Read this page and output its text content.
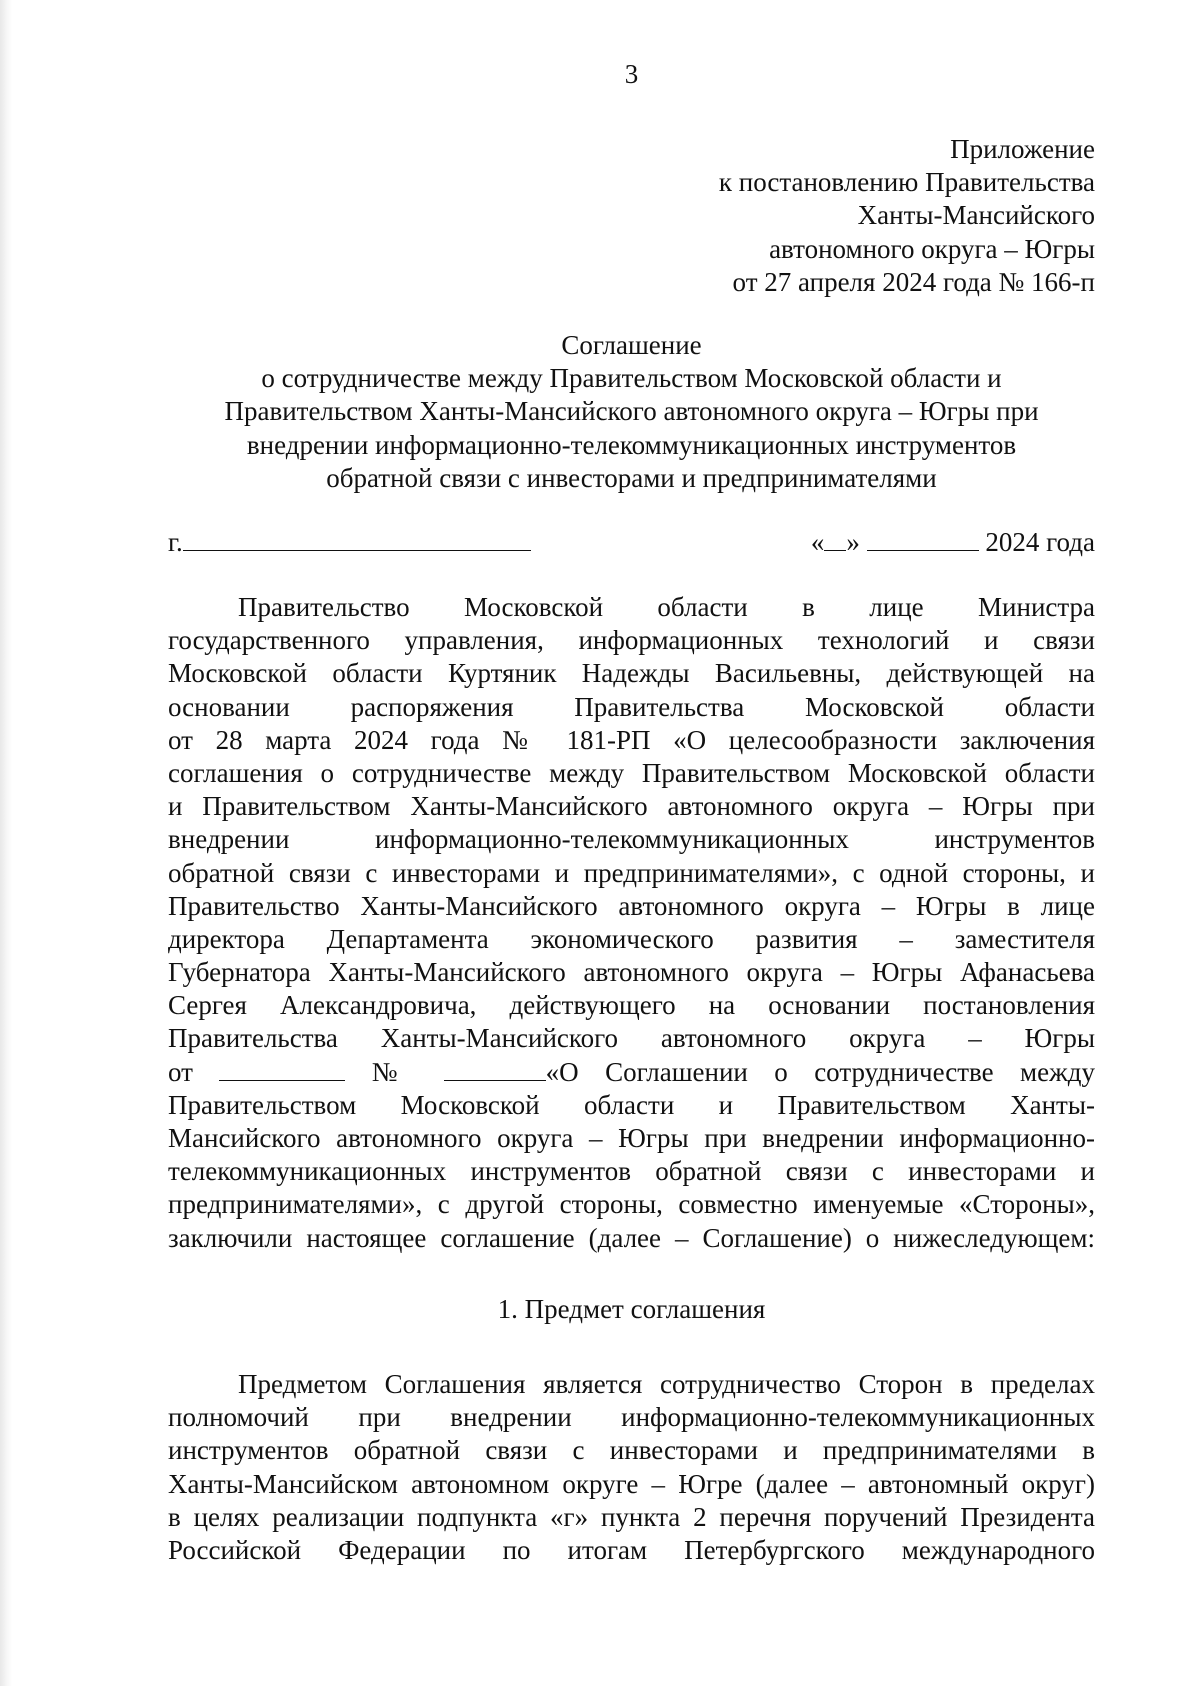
3
Приложение
к постановлению Правительства
Ханты-Мансийского
автономного округа – Югры
от 27 апреля 2024 года № 166-п
Соглашение
о сотрудничестве между Правительством Московской области и
Правительством Ханты-Мансийского автономного округа – Югры при
внедрении информационно-телекоммуникационных инструментов
обратной связи с инвесторами и предпринимателями
г.	« »	2024 года
Правительство Московской области в лице Министра
государственного управления, информационных технологий и связи
Московской области Куртяник Надежды Васильевны, действующей на
основании распоряжения Правительства Московской области
от 28 марта 2024 года № 181-РП «О целесообразности заключения
соглашения о сотрудничестве между Правительством Московской области
и Правительством Ханты-Мансийского автономного округа – Югры при
внедрении информационно-телекоммуникационных инструментов
обратной связи с инвесторами и предпринимателями», с одной стороны, и
Правительство Ханты-Мансийского автономного округа – Югры в лице
директора Департамента экономического развития – заместителя
Губернатора Ханты-Мансийского автономного округа – Югры Афанасьева
Сергея Александровича, действующего на основании постановления
Правительства Ханты-Мансийского автономного округа – Югры
от	№	«О Соглашении о сотрудничестве между
Правительством Московской области и Правительством Ханты-
Мансийского автономного округа – Югры при внедрении информационно-
телекоммуникационных инструментов обратной связи с инвесторами и
предпринимателями», с другой стороны, совместно именуемые «Стороны»,
заключили настоящее соглашение (далее – Соглашение) о нижеследующем:
1. Предмет соглашения
Предметом Соглашения является сотрудничество Сторон в пределах
полномочий при внедрении информационно-телекоммуникационных
инструментов обратной связи с инвесторами и предпринимателями в
Ханты-Мансийском автономном округе – Югре (далее – автономный округ)
в целях реализации подпункта «г» пункта 2 перечня поручений Президента
Российской Федерации по итогам Петербургского международного
